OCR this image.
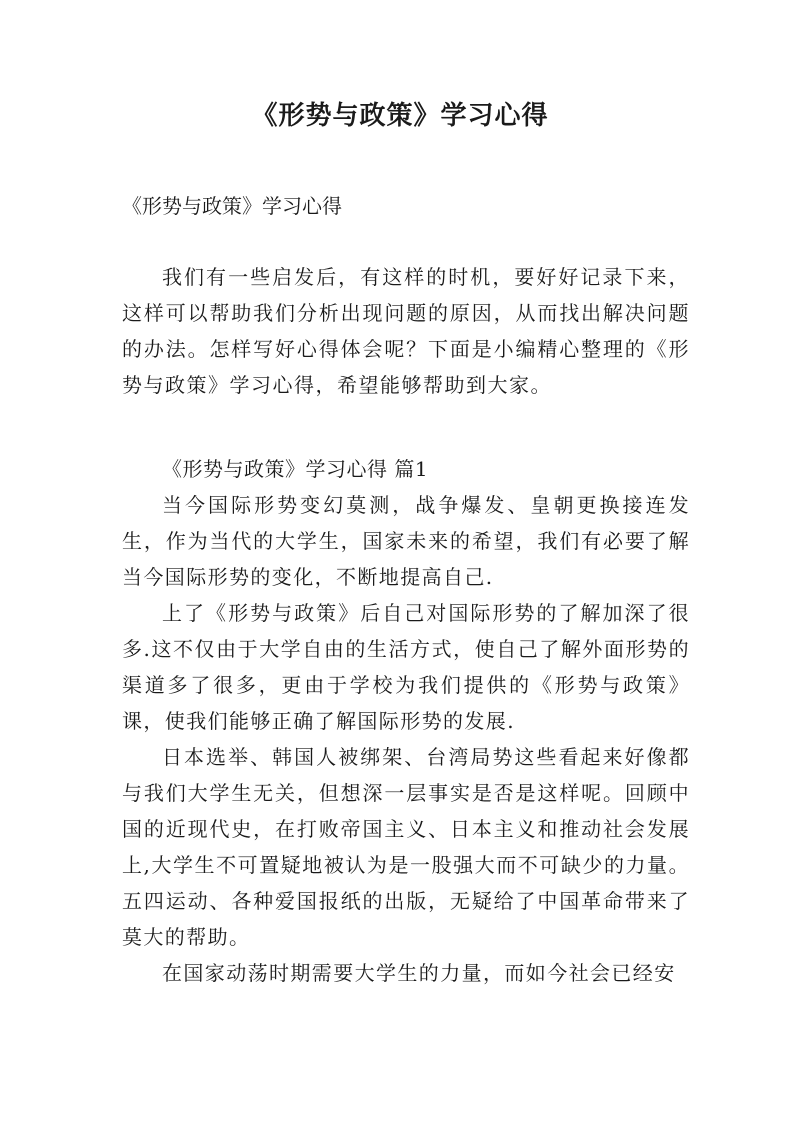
《形势与政策》学习心得

《形势与政策》学习心得

我们有一些启发后，有这样的时机，要好好记录下来，这样可以帮助我们分析出现问题的原因，从而找出解决问题的办法。怎样写好心得体会呢？下面是小编精心整理的《形势与政策》学习心得，希望能够帮助到大家。

《形势与政策》学习心得 篇1

当今国际形势变幻莫测，战争爆发、皇朝更换接连发生，作为当代的大学生，国家未来的希望，我们有必要了解当今国际形势的变化，不断地提高自己.

上了《形势与政策》后自己对国际形势的了解加深了很多.这不仅由于大学自由的生活方式，使自己了解外面形势的渠道多了很多，更由于学校为我们提供的《形势与政策》课，使我们能够正确了解国际形势的发展.

日本选举、韩国人被绑架、台湾局势这些看起来好像都与我们大学生无关，但想深一层事实是否是这样呢。回顾中国的近现代史，在打败帝国主义、日本主义和推动社会发展上,大学生不可置疑地被认为是一股强大而不可缺少的力量。五四运动、各种爱国报纸的出版，无疑给了中国革命带来了莫大的帮助。

在国家动荡时期需要大学生的力量，而如今社会已经安
